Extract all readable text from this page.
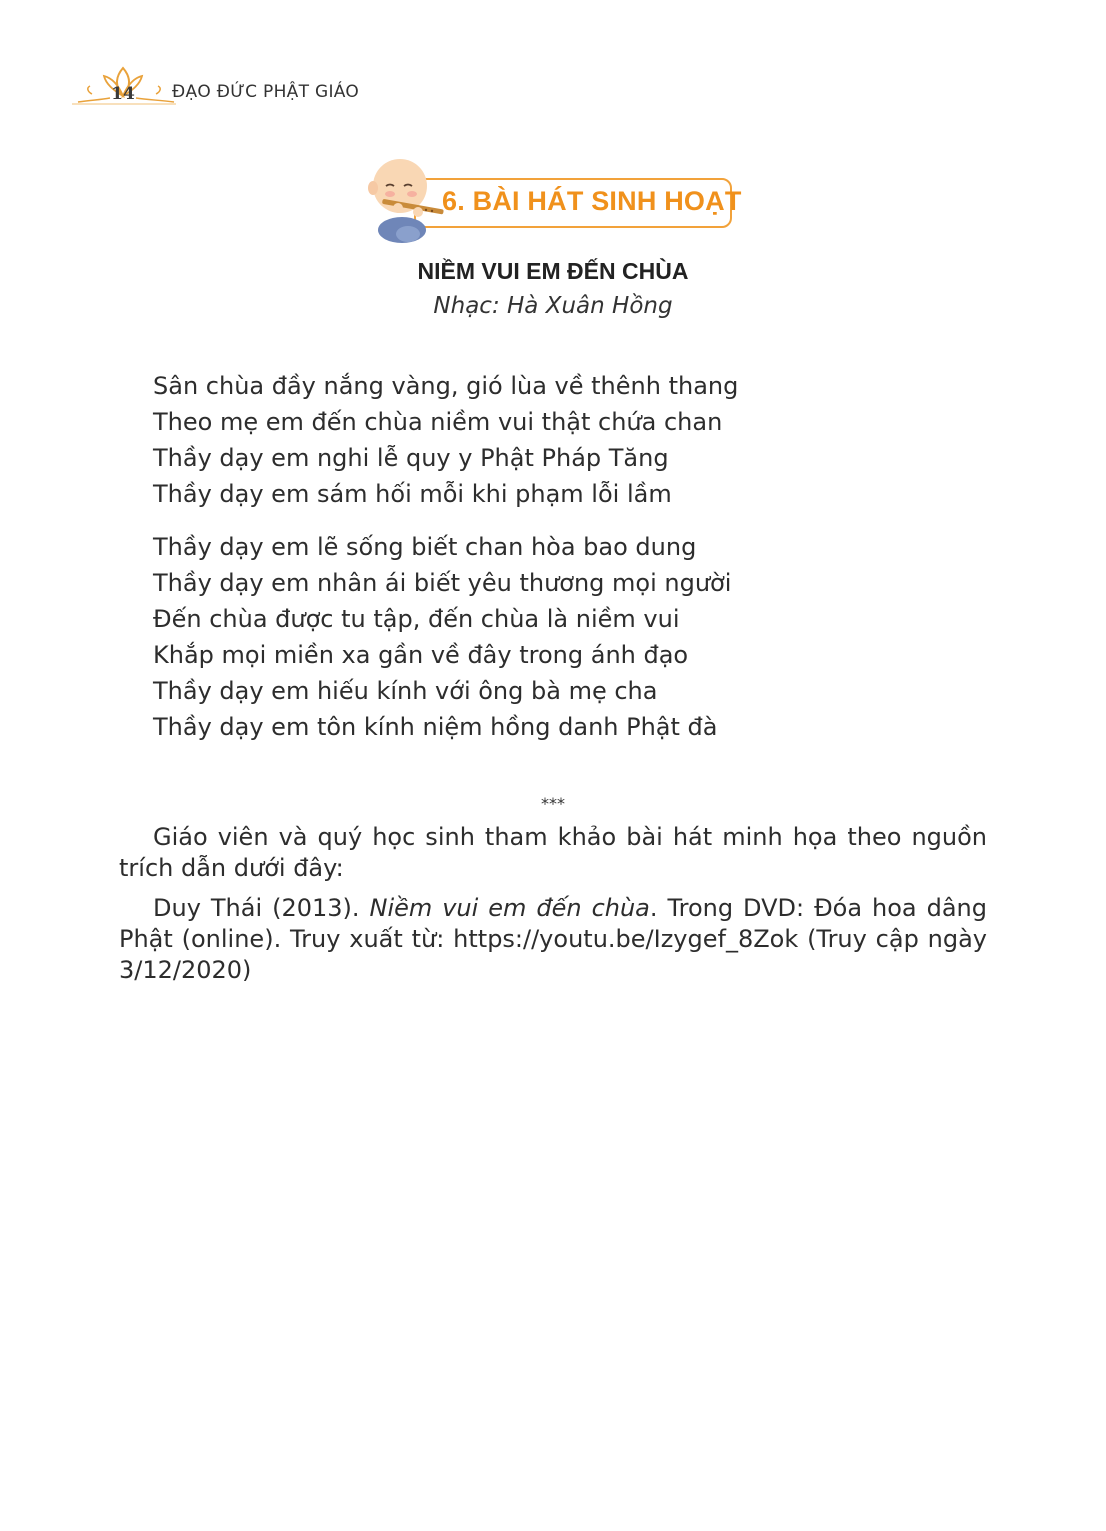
14 ĐẠO ĐỨC PHẬT GIÁO
6. BÀI HÁT SINH HOẠT
NIỀM VUI EM ĐẾN CHÙA
Nhạc: Hà Xuân Hồng
Sân chùa đầy nắng vàng, gió lùa về thênh thang
Theo mẹ em đến chùa niềm vui thật chứa chan
Thầy dạy em nghi lễ quy y Phật Pháp Tăng
Thầy dạy em sám hối mỗi khi phạm lỗi lầm
Thầy dạy em lẽ sống biết chan hòa bao dung
Thầy dạy em nhân ái biết yêu thương mọi người
Đến chùa được tu tập, đến chùa là niềm vui
Khắp mọi miền xa gần về đây trong ánh đạo
Thầy dạy em hiếu kính với ông bà mẹ cha
Thầy dạy em tôn kính niệm hồng danh Phật đà
***

Giáo viên và quý học sinh tham khảo bài hát minh họa theo nguồn trích dẫn dưới đây:

Duy Thái (2013). Niềm vui em đến chùa. Trong DVD: Đóa hoa dâng Phật (online). Truy xuất từ: https://youtu.be/Izygef_8Zok (Truy cập ngày 3/12/2020)
